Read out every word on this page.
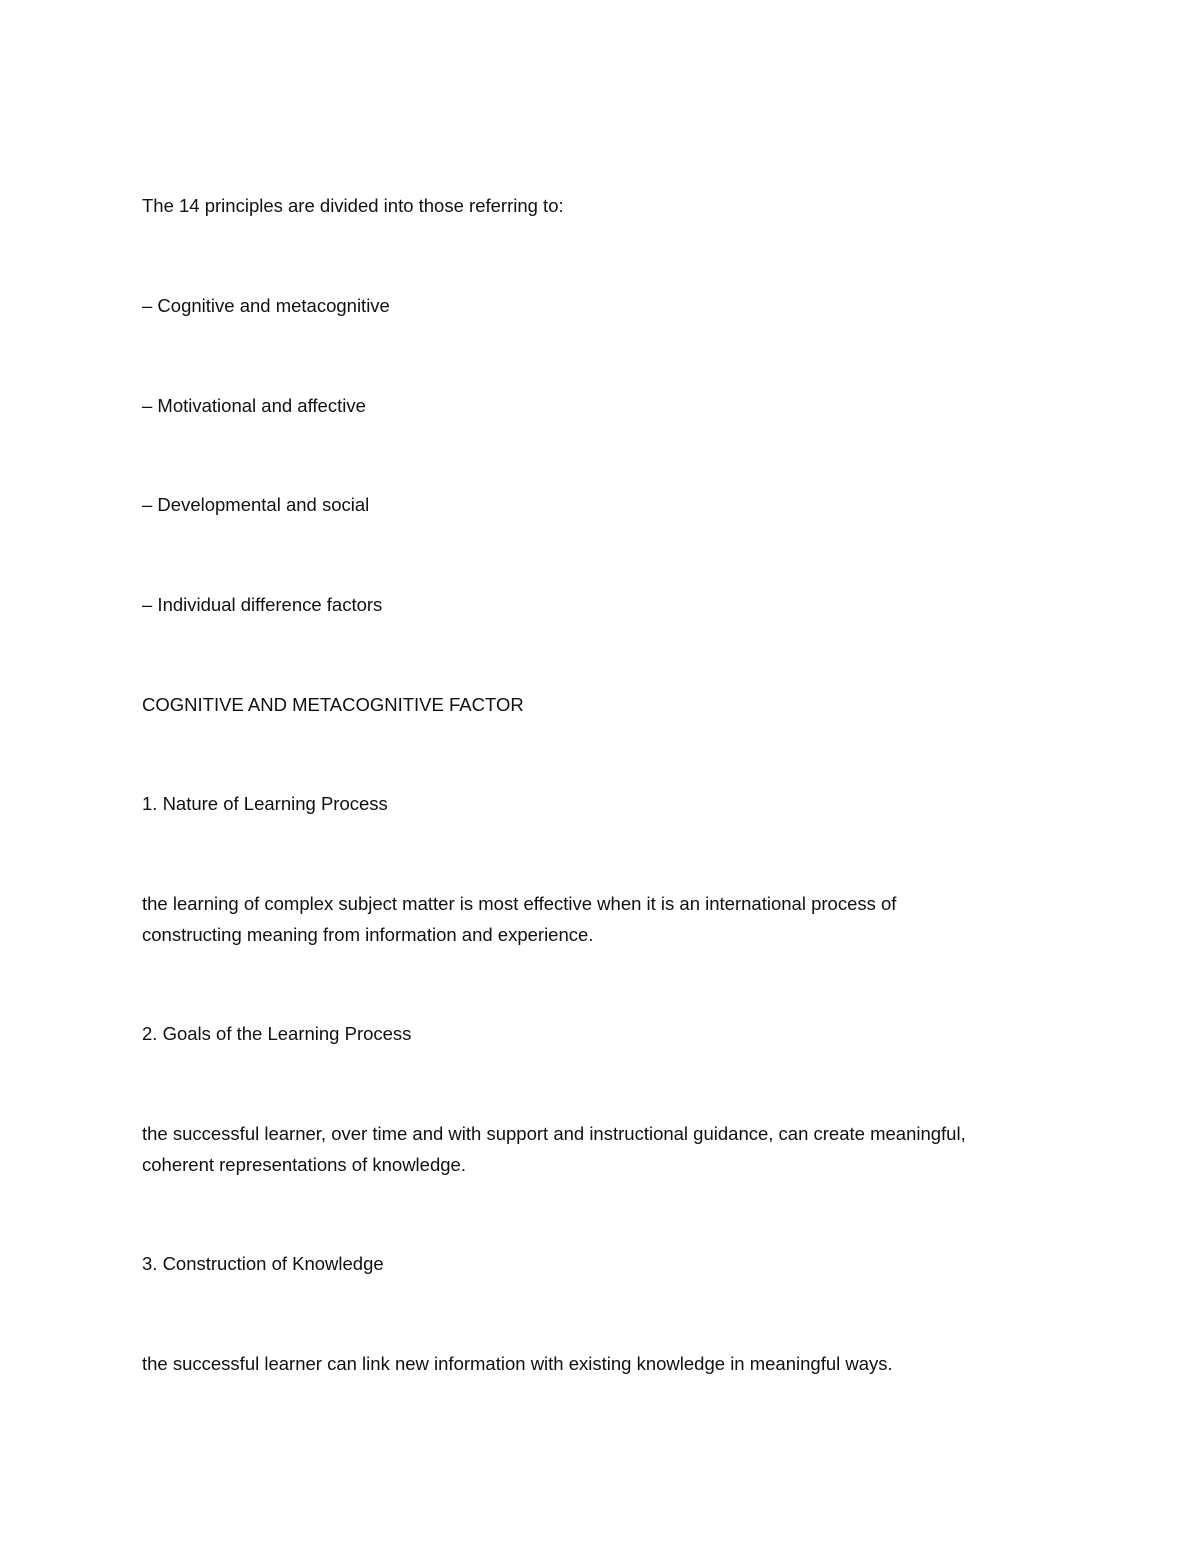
The 14 principles are divided into those referring to:
– Cognitive and metacognitive
– Motivational and affective
– Developmental and social
– Individual difference factors
COGNITIVE AND METACOGNITIVE FACTOR
1. Nature of Learning Process
the learning of complex subject matter is most effective when it is an international process of
constructing meaning from information and experience.
2. Goals of the Learning Process
the successful learner, over time and with support and instructional guidance, can create meaningful,
coherent representations of knowledge.
3. Construction of Knowledge
the successful learner can link new information with existing knowledge in meaningful ways.
